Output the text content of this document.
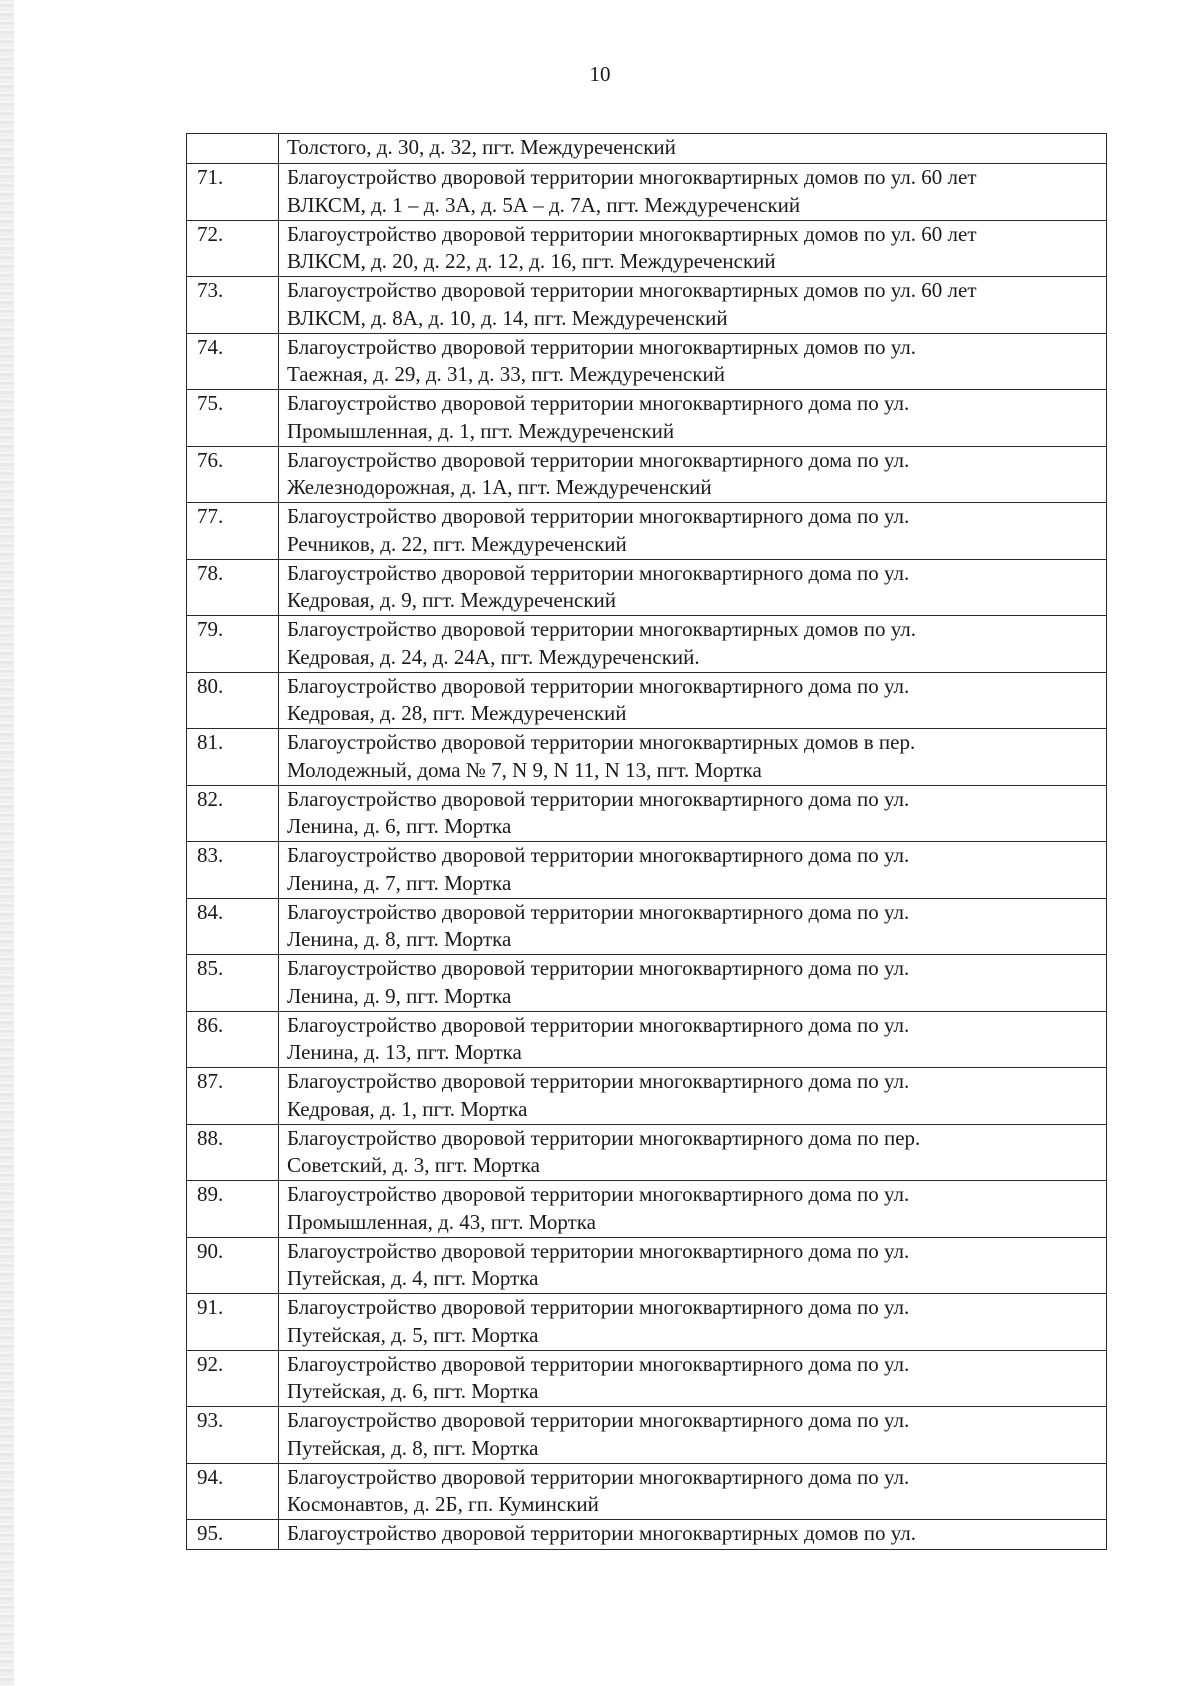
10

	Толстого, д. 30, д. 32, пгт. Междуреченский

71.	Благоустройство дворовой территории многоквартирных домов по ул. 60 лет
ВЛКСМ, д. 1 – д. 3А, д. 5А – д. 7А, пгт. Междуреченский

72.	Благоустройство дворовой территории многоквартирных домов по ул. 60 лет
ВЛКСМ, д. 20, д. 22, д. 12, д. 16, пгт. Междуреченский

73.	Благоустройство дворовой территории многоквартирных домов по ул. 60 лет
ВЛКСМ, д. 8А, д. 10, д. 14, пгт. Междуреченский

74.	Благоустройство дворовой территории многоквартирных домов по ул.
Таежная, д. 29, д. 31, д. 33, пгт. Междуреченский

75.	Благоустройство дворовой территории многоквартирного дома по ул.
Промышленная, д. 1, пгт. Междуреченский

76.	Благоустройство дворовой территории многоквартирного дома по ул.
Железнодорожная, д. 1А, пгт. Междуреченский

77.	Благоустройство дворовой территории многоквартирного дома по ул.
Речников, д. 22, пгт. Междуреченский

78.	Благоустройство дворовой территории многоквартирного дома по ул.
Кедровая, д. 9, пгт. Междуреченский

79.	Благоустройство дворовой территории многоквартирных домов по ул.
Кедровая, д. 24, д. 24А, пгт. Междуреченский.

80.	Благоустройство дворовой территории многоквартирного дома по ул.
Кедровая, д. 28, пгт. Междуреченский

81.	Благоустройство дворовой территории многоквартирных домов в пер.
Молодежный, дома № 7, N 9, N 11, N 13, пгт. Мортка

82.	Благоустройство дворовой территории многоквартирного дома по ул.
Ленина, д. 6, пгт. Мортка

83.	Благоустройство дворовой территории многоквартирного дома по ул.
Ленина, д. 7, пгт. Мортка

84.	Благоустройство дворовой территории многоквартирного дома по ул.
Ленина, д. 8, пгт. Мортка

85.	Благоустройство дворовой территории многоквартирного дома по ул.
Ленина, д. 9, пгт. Мортка

86.	Благоустройство дворовой территории многоквартирного дома по ул.
Ленина, д. 13, пгт. Мортка

87.	Благоустройство дворовой территории многоквартирного дома по ул.
Кедровая, д. 1, пгт. Мортка

88.	Благоустройство дворовой территории многоквартирного дома по пер.
Советский, д. 3, пгт. Мортка

89.	Благоустройство дворовой территории многоквартирного дома по ул.
Промышленная, д. 43, пгт. Мортка

90.	Благоустройство дворовой территории многоквартирного дома по ул.
Путейская, д. 4, пгт. Мортка

91.	Благоустройство дворовой территории многоквартирного дома по ул.
Путейская, д. 5, пгт. Мортка

92.	Благоустройство дворовой территории многоквартирного дома по ул.
Путейская, д. 6, пгт. Мортка

93.	Благоустройство дворовой территории многоквартирного дома по ул.
Путейская, д. 8, пгт. Мортка

94.	Благоустройство дворовой территории многоквартирного дома по ул.
Космонавтов, д. 2Б, гп. Куминский

95.	Благоустройство дворовой территории многоквартирных домов по ул.
